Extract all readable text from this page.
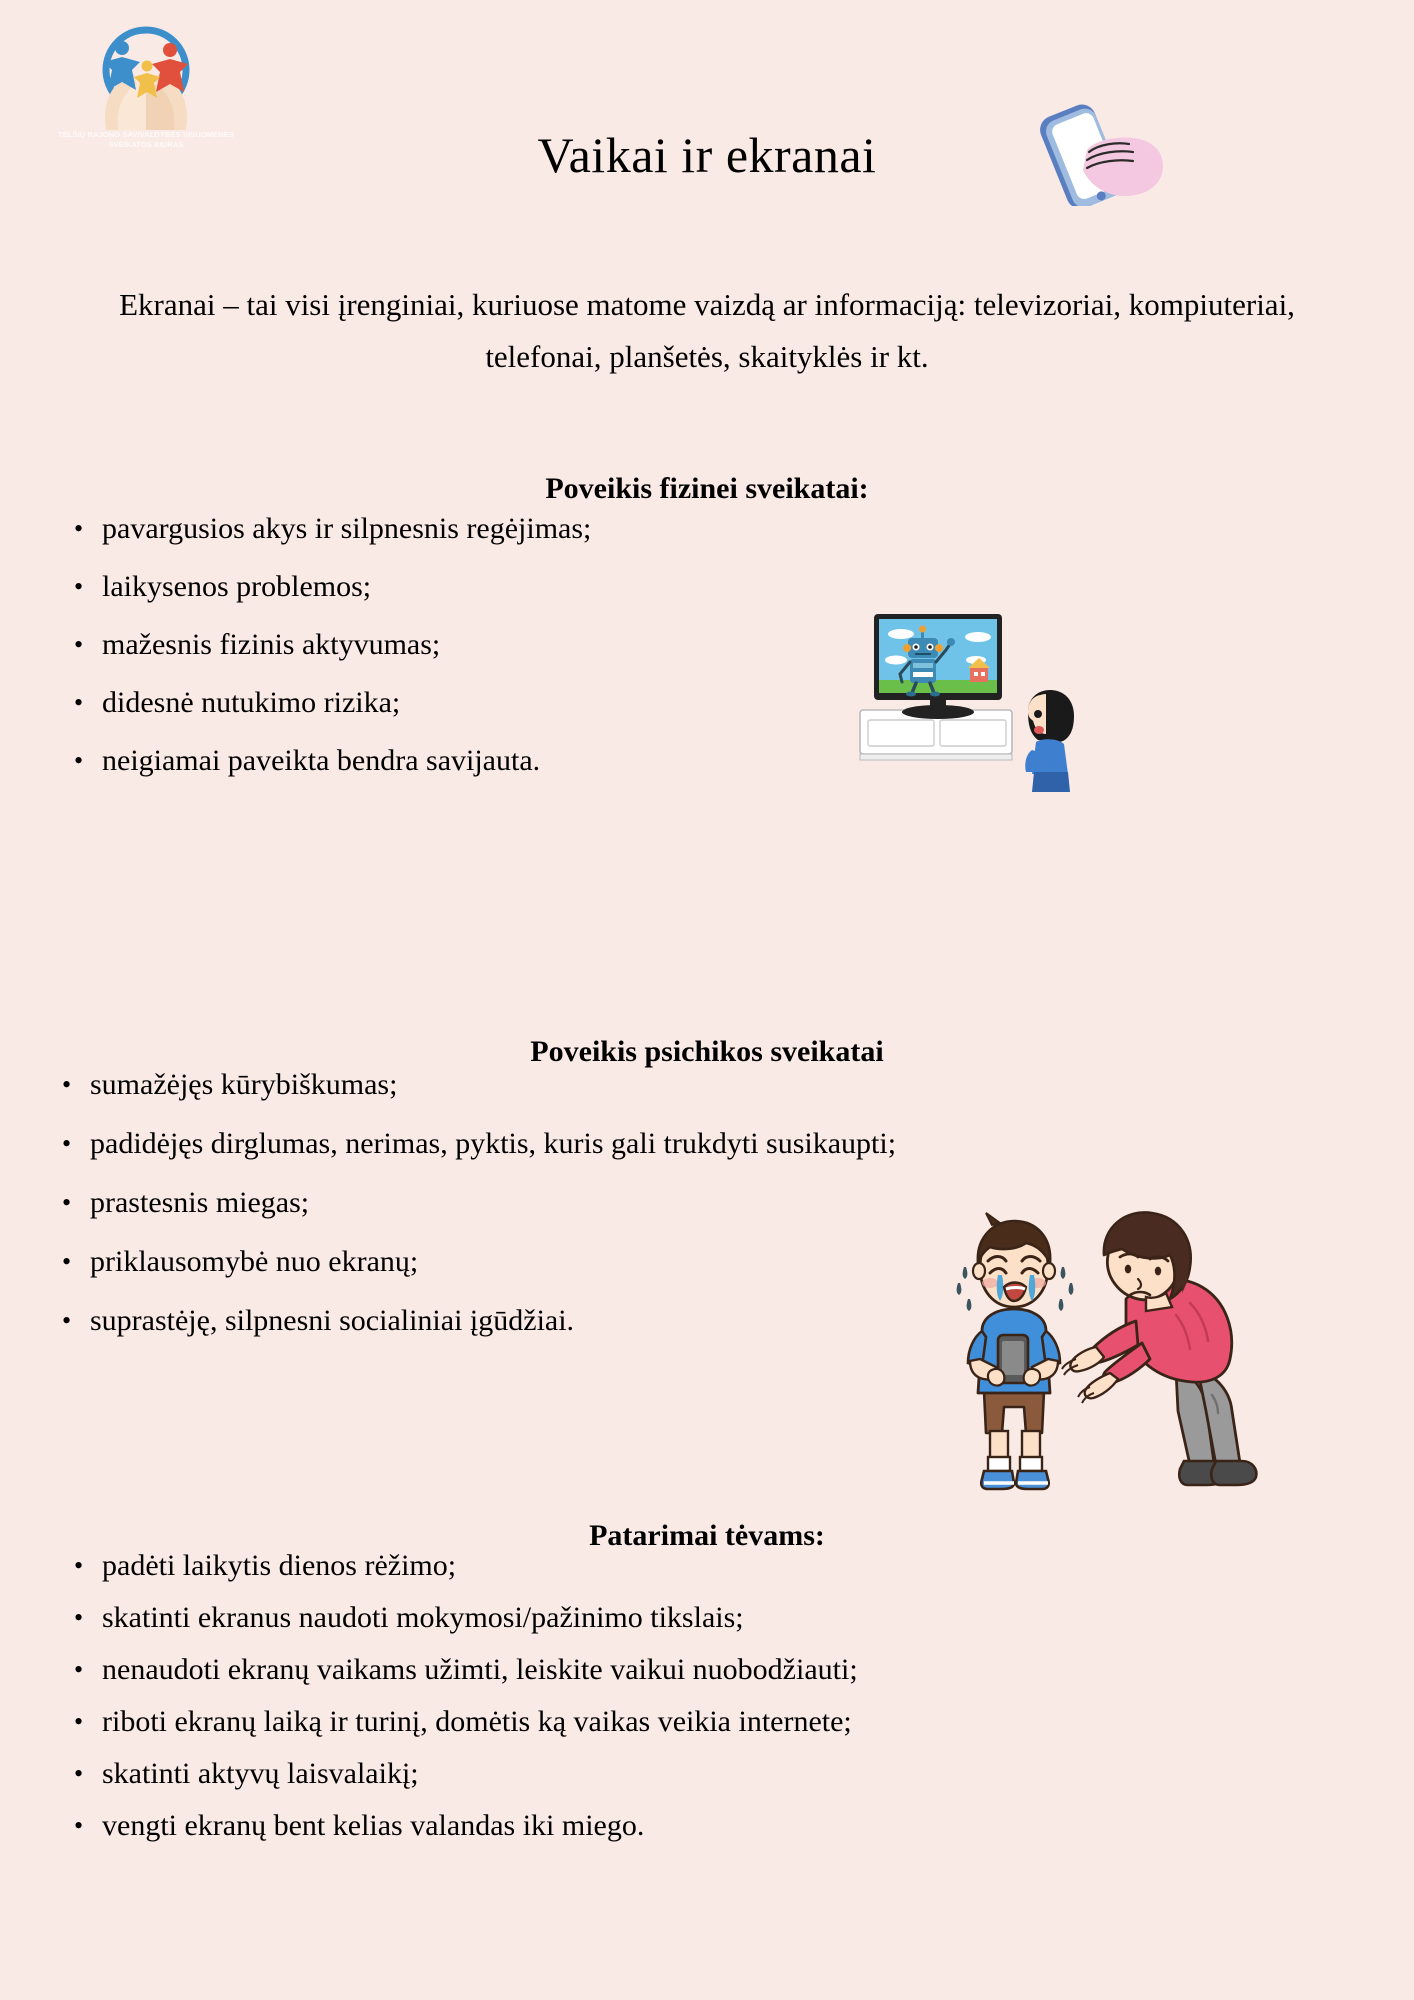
TELŠIŲ RAJONO SAVIVALDYBĖS VISUOMENĖS SVEIKATOS BIURAS	Vaikai ir ekranai

Ekranai – tai visi įrenginiai, kuriuose matome vaizdą ar informaciją: televizoriai, kompiuteriai, telefonai, planšetės, skaityklės ir kt.

Poveikis fizinei sveikatai:
• pavargusios akys ir silpnesnis regėjimas;
• laikysenos problemos;
• mažesnis fizinis aktyvumas;
• didesnė nutukimo rizika;
• neigiamai paveikta bendra savijauta.
Poveikis psichikos sveikatai
• sumažėjęs kūrybiškumas;
• padidėjęs dirglumas, nerimas, pyktis, kuris gali trukdyti susikaupti;
• prastesnis miegas;
• priklausomybė nuo ekranų;
• suprastėję, silpnesni socialiniai įgūdžiai.
Patarimai tėvams:
• padėti laikytis dienos rėžimo;
• skatinti ekranus naudoti mokymosi/pažinimo tikslais;
• nenaudoti ekranų vaikams užimti, leiskite vaikui nuobodžiauti;
• riboti ekranų laiką ir turinį, domėtis ką vaikas veikia internete;
• skatinti aktyvų laisvalaikį;
• vengti ekranų bent kelias valandas iki miego.
